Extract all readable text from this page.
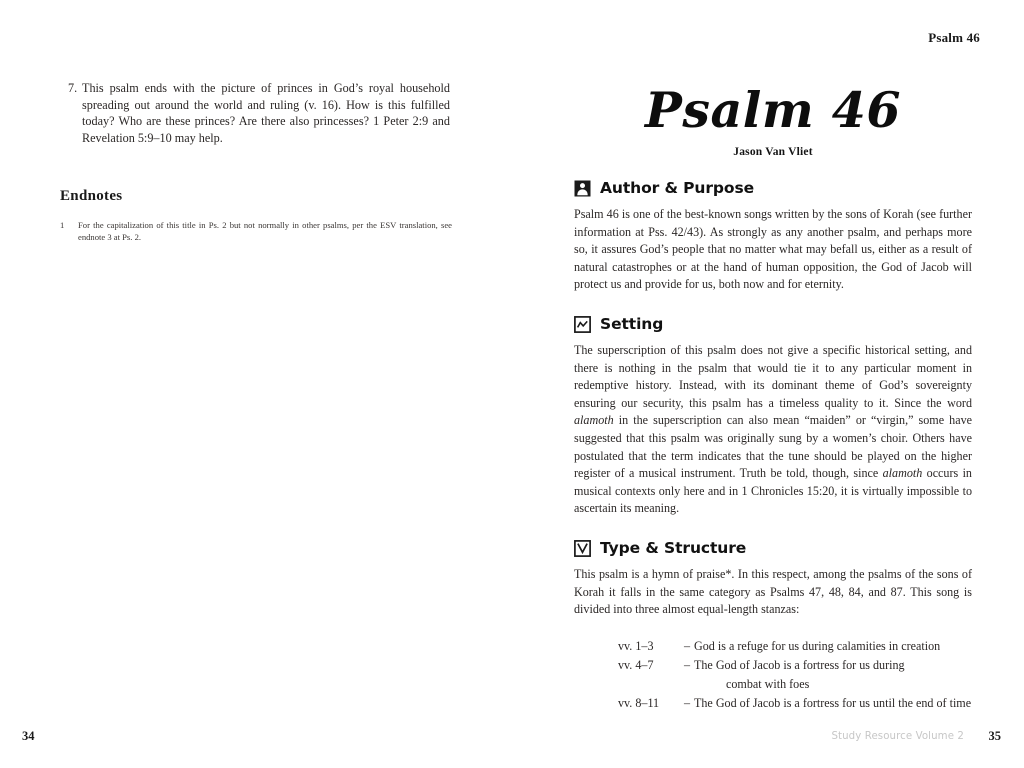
7. This psalm ends with the picture of princes in God’s royal household spreading out around the world and ruling (v. 16). How is this fulfilled today? Who are these princes? Are there also princesses? 1 Peter 2:9 and Revelation 5:9–10 may help.
Endnotes
1	For the capitalization of this title in Ps. 2 but not normally in other psalms, per the ESV translation, see endnote 3 at Ps. 2.
34
Psalm 46
Psalm 46
Jason Van Vliet
Author & Purpose

Psalm 46 is one of the best-known songs written by the sons of Korah (see further information at Pss. 42/43). As strongly as any another psalm, and perhaps more so, it assures God’s people that no matter what may befall us, either as a result of natural catastrophes or at the hand of human opposition, the God of Jacob will protect us and provide for us, both now and for eternity.

Setting

The superscription of this psalm does not give a specific historical setting, and there is nothing in the psalm that would tie it to any particular moment in redemptive history. Instead, with its dominant theme of God’s sovereignty ensuring our security, this psalm has a timeless quality to it. Since the word alamoth in the superscription can also mean “maiden” or “virgin,” some have suggested that this psalm was originally sung by a women’s choir. Others have postulated that the term indicates that the tune should be played on the higher register of a musical instrument. Truth be told, though, since alamoth occurs in musical contexts only here and in 1 Chronicles 15:20, it is virtually impossible to ascertain its meaning.

Type & Structure

This psalm is a hymn of praise*. In this respect, among the psalms of the sons of Korah it falls in the same category as Psalms 47, 48, 84, and 87. This song is divided into three almost equal-length stanzas:

vv. 1–3	– God is a refuge for us during calamities in creation
vv. 4–7	– The God of Jacob is a fortress for us during
combat with foes
vv. 8–11	– The God of Jacob is a fortress for us until the end of time
Study Resource Volume 2 35
